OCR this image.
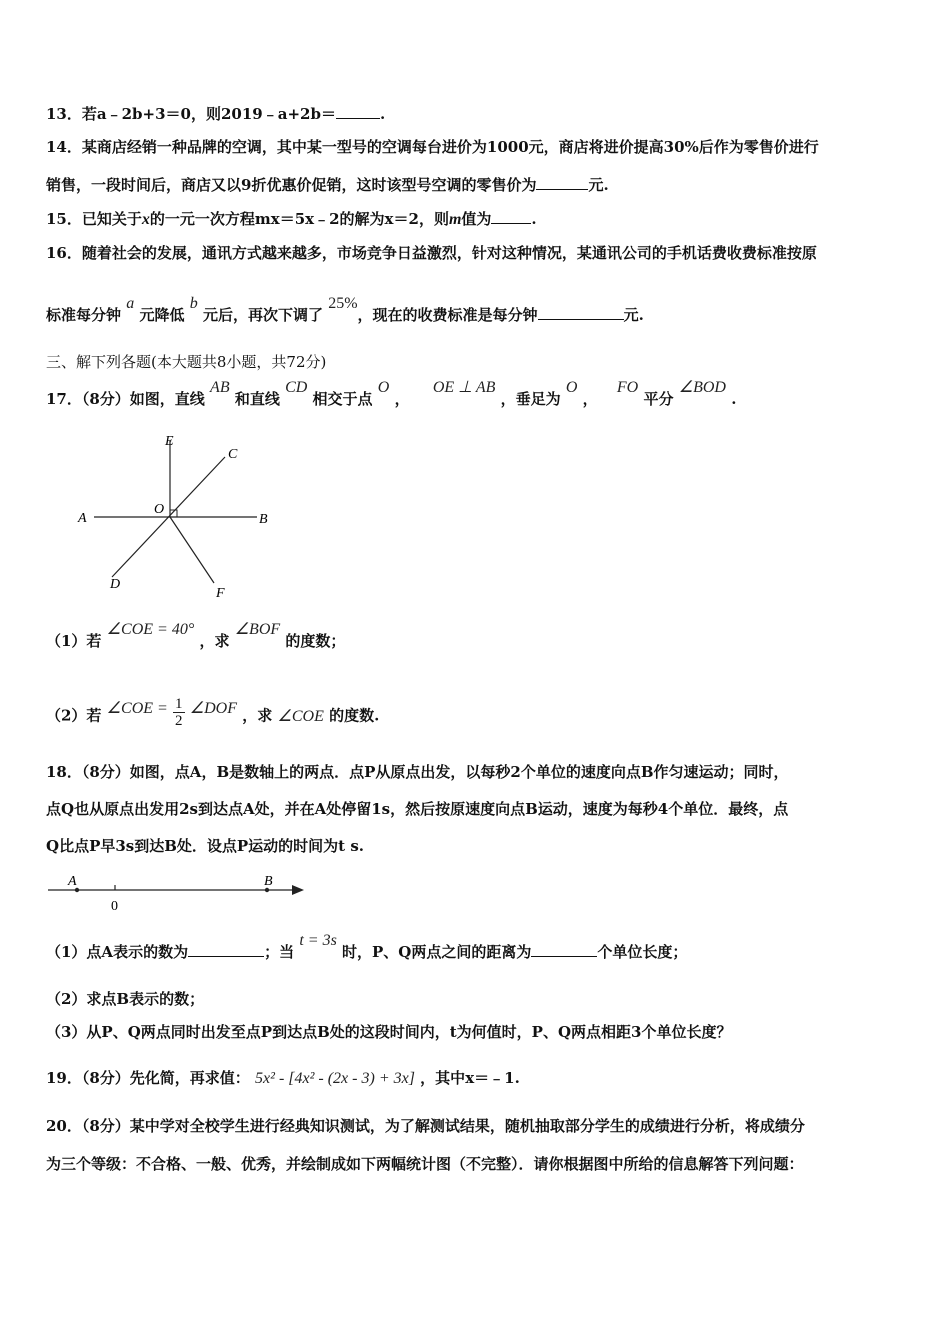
13．若a﹣2b+3＝0，则2019﹣a+2b＝	.
14．某商店经销一种品牌的空调，其中某一型号的空调每台进价为1000元，商店将进价提高30%后作为零售价进行
销售，一段时间后，商店又以9折优惠价促销，这时该型号空调的零售价为	元.
15．已知关于x的一元一次方程mx＝5x﹣2的解为x＝2，则m值为	.
16．随着社会的发展，通讯方式越来越多，市场竞争日益激烈，针对这种情况，某通讯公司的手机话费收费标准按原
标准每分钟 a 元降低 b 元后，再次下调了 25%，现在的收费标准是每分钟	元.
三、解下列各题(本大题共8小题，共72分)
17．（8分）如图，直线 AB 和直线 CD 相交于点 O ， OE ⊥ AB ，垂足为 O ， FO 平分 ∠BOD .
E
C
O
A	B
D
F
（1）若 ∠COE = 40° ，求 ∠BOF 的度数；
（2）若 ∠COE = $\frac{1}{2}$ ∠DOF ，求 ∠COE 的度数.
18．（8分）如图，点A，B是数轴上的两点．点P从原点出发，以每秒2个单位的速度向点B作匀速运动；同时，
点Q也从原点出发用2s到达点A处，并在A处停留1s，然后按原速度向点B运动，速度为每秒4个单位．最终，点
Q比点P早3s到达B处．设点P运动的时间为t s.
A	B
0
（1）点A表示的数为	；当 t = 3s 时，P、Q两点之间的距离为	个单位长度；
（2）求点B表示的数；
（3）从P、Q两点同时出发至点P到达点B处的这段时间内，t为何值时，P、Q两点相距3个单位长度？
19．（8分）先化简，再求值： 5x² - [4x² - (2x - 3) + 3x] ，其中x＝﹣1.
20．（8分）某中学对全校学生进行经典知识测试，为了解测试结果，随机抽取部分学生的成绩进行分析，将成绩分
为三个等级：不合格、一般、优秀，并绘制成如下两幅统计图（不完整）．请你根据图中所给的信息解答下列问题：
